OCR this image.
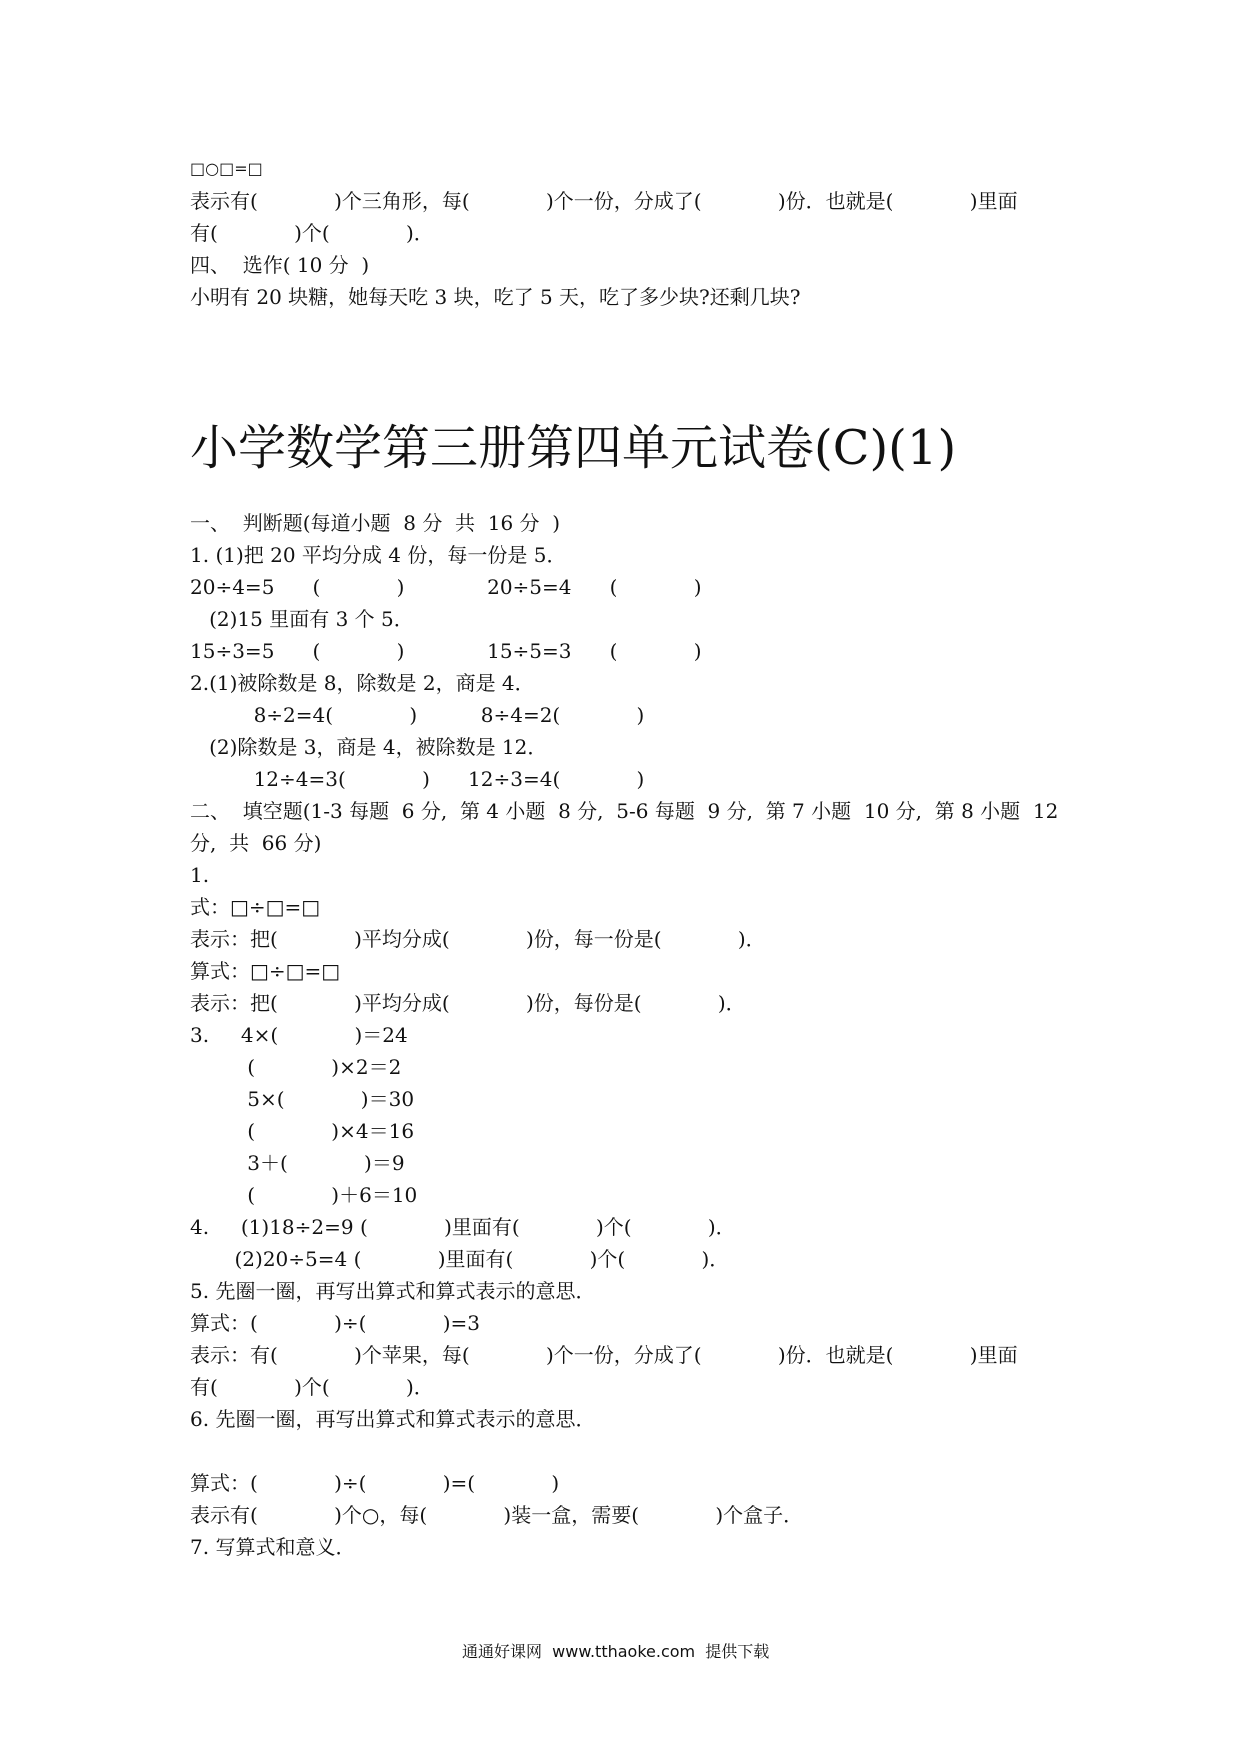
□○□=□
表示有(            )个三角形，每(            )个一份，分成了(            )份．也就是(            )里面
有(            )个(            )．
四、  选作( 10 分  )
小明有 20 块糖，她每天吃 3 块，吃了 5 天，吃了多少块?还剩几块?
小学数学第三册第四单元试卷(C)(1)
一、  判断题(每道小题  8 分  共  16 分  )
1. (1)把 20 平均分成 4 份，每一份是 5．
20÷4=5      (            )             20÷5=4      (            )
(2)15 里面有 3 个 5．
15÷3=5      (            )             15÷5=3      (            )
2.(1)被除数是 8，除数是 2，商是 4．
8÷2=4(            )          8÷4=2(            )
(2)除数是 3，商是 4，被除数是 12．
12÷4=3(            )      12÷3=4(            )
二、  填空题(1-3 每题  6 分,  第 4 小题  8 分,  5-6 每题  9 分,  第 7 小题  10 分,  第 8 小题  12
分,  共  66 分)
1.
式：□÷□=□
表示：把(            )平均分成(            )份，每一份是(            )．
算式：□÷□=□
表示：把(            )平均分成(            )份，每份是(            )．
3.     4×(            )＝24
(            )×2＝2
5×(            )＝30
(            )×4＝16
3＋(            )＝9
(            )＋6＝10
4.     (1)18÷2=9 (            )里面有(            )个(            )．
(2)20÷5=4 (            )里面有(            )个(            )．
5. 先圈一圈，再写出算式和算式表示的意思．
算式：(            )÷(            )=3
表示：有(            )个苹果，每(            )个一份，分成了(            )份．也就是(            )里面
有(            )个(            )．
6. 先圈一圈，再写出算式和算式表示的意思．
算式：(            )÷(            )=(            )
表示有(            )个○，每(            )装一盒，需要(            )个盒子．
7. 写算式和意义．
通通好课网  www.tthaoke.com  提供下载
